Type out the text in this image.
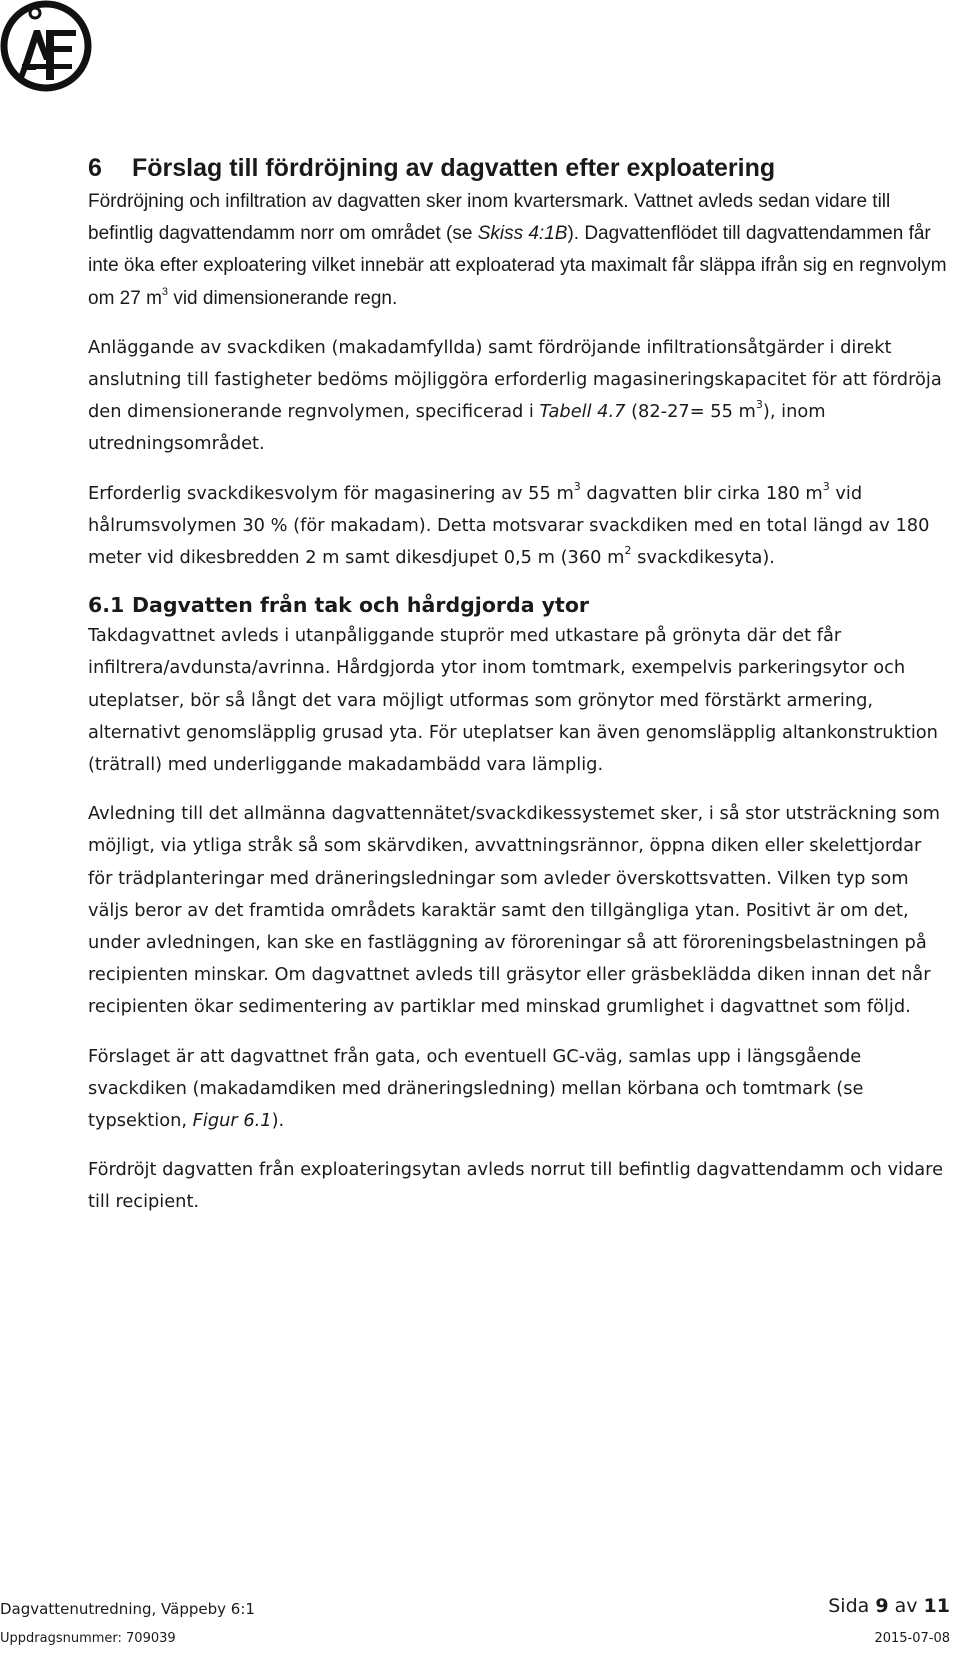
6 Förslag till fördröjning av dagvatten efter exploatering

Fördröjning och infiltration av dagvatten sker inom kvartersmark. Vattnet avleds sedan vidare till befintlig dagvattendamm norr om området (se Skiss 4:1B). Dagvattenflödet till dagvattendammen får inte öka efter exploatering vilket innebär att exploaterad yta maximalt får släppa ifrån sig en regnvolym om 27 $m^3$ vid dimensionerande regn.

Anläggande av svackdiken (makadamfyllda) samt fördröjande infiltrationsåtgärder i direkt anslutning till fastigheter bedöms möjliggöra erforderlig magasineringskapacitet för att fördröja den dimensionerande regnvolymen, specificerad i Tabell 4.7 (82-27= 55 $m^3$), inom utredningsområdet.

Erforderlig svackdikesvolym för magasinering av 55 $m^3$ dagvatten blir cirka 180 $m^3$ vid hålrumsvolymen 30 % (för makadam). Detta motsvarar svackdiken med en total längd av 180 meter vid dikesbredden 2 m samt dikesdjupet 0,5 m (360 $m^2$ svackdikesyta).

6.1 Dagvatten från tak och hårdgjorda ytor

Takdagvattnet avleds i utanpåliggande stuprör med utkastare på grönyta där det får infiltrera/avdunsta/avrinna. Hårdgjorda ytor inom tomtmark, exempelvis parkeringsytor och uteplatser, bör så långt det vara möjligt utformas som grönytor med förstärkt armering, alternativt genomsläpplig grusad yta. För uteplatser kan även genomsläpplig altankonstruktion (trätrall) med underliggande makadambädd vara lämplig.

Avledning till det allmänna dagvattennätet/svackdikessystemet sker, i så stor utsträckning som möjligt, via ytliga stråk så som skärvdiken, avvattningsrännor, öppna diken eller skelettjordar för trädplanteringar med dräneringsledningar som avleder överskottsvatten. Vilken typ som väljs beror av det framtida områdets karaktär samt den tillgängliga ytan. Positivt är om det, under avledningen, kan ske en fastläggning av föroreningar så att föroreningsbelastningen på recipienten minskar. Om dagvattnet avleds till gräsytor eller gräsbeklädda diken innan det når recipienten ökar sedimentering av partiklar med minskad grumlighet i dagvattnet som följd.

Förslaget är att dagvattnet från gata, och eventuell GC-väg, samlas upp i längsgående svackdiken (makadamdiken med dräneringsledning) mellan körbana och tomtmark (se typsektion, Figur 6.1).

Fördröjt dagvatten från exploateringsytan avleds norrut till befintlig dagvattendamm och vidare till recipient.

Dagvattenutredning, Väppeby 6:1	Sida 9 av 11
Uppdragsnummer: 709039	2015-07-08
